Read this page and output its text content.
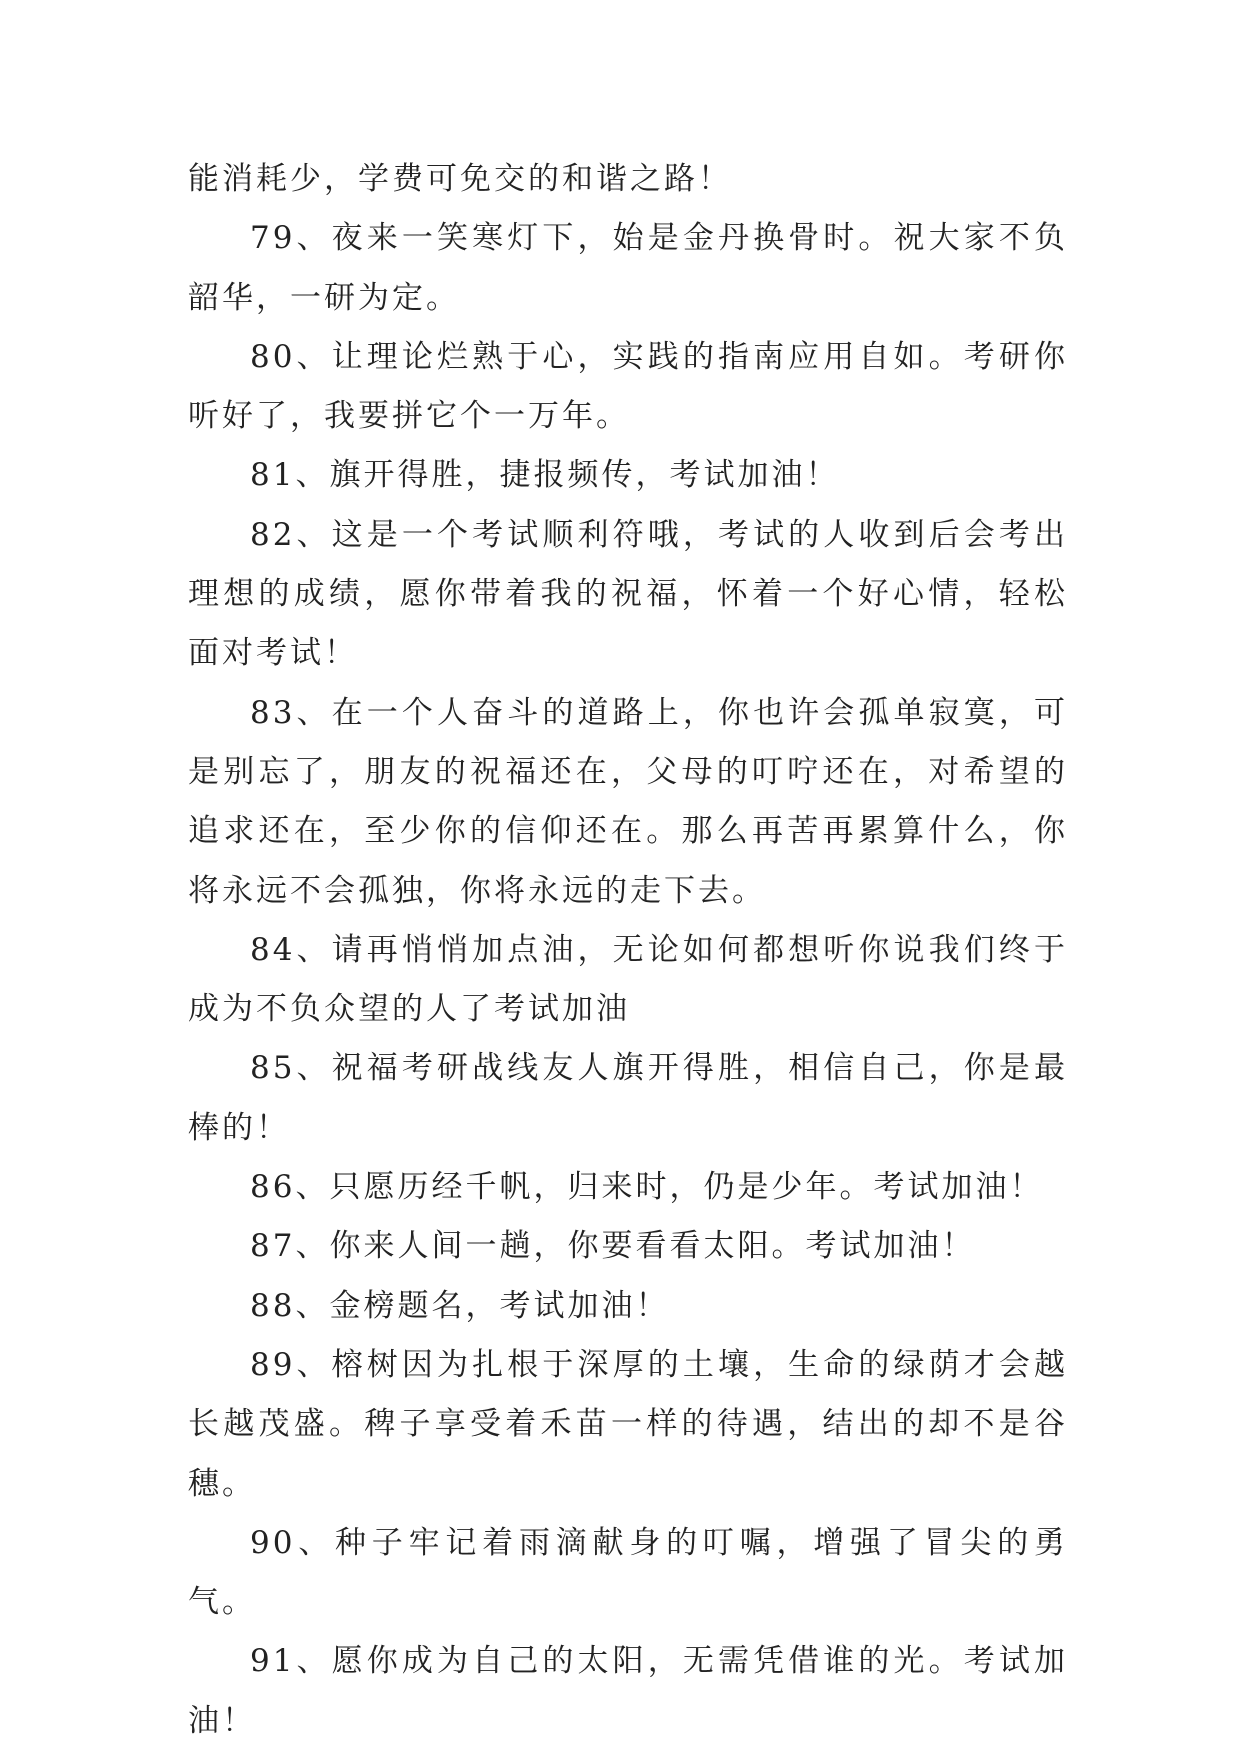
能消耗少，学费可免交的和谐之路！

79、夜来一笑寒灯下，始是金丹换骨时。祝大家不负韶华，一研为定。

80、让理论烂熟于心，实践的指南应用自如。考研你听好了，我要拼它个一万年。

81、旗开得胜，捷报频传，考试加油！

82、这是一个考试顺利符哦，考试的人收到后会考出理想的成绩，愿你带着我的祝福，怀着一个好心情，轻松面对考试！

83、在一个人奋斗的道路上，你也许会孤单寂寞，可是别忘了，朋友的祝福还在，父母的叮咛还在，对希望的追求还在，至少你的信仰还在。那么再苦再累算什么，你将永远不会孤独，你将永远的走下去。

84、请再悄悄加点油，无论如何都想听你说我们终于成为不负众望的人了考试加油

85、祝福考研战线友人旗开得胜，相信自己，你是最棒的！

86、只愿历经千帆，归来时，仍是少年。考试加油！

87、你来人间一趟，你要看看太阳。考试加油！

88、金榜题名，考试加油！

89、榕树因为扎根于深厚的土壤，生命的绿荫才会越长越茂盛。稗子享受着禾苗一样的待遇，结出的却不是谷穗。

90、种子牢记着雨滴献身的叮嘱，增强了冒尖的勇气。

91、愿你成为自己的太阳，无需凭借谁的光。考试加油！
